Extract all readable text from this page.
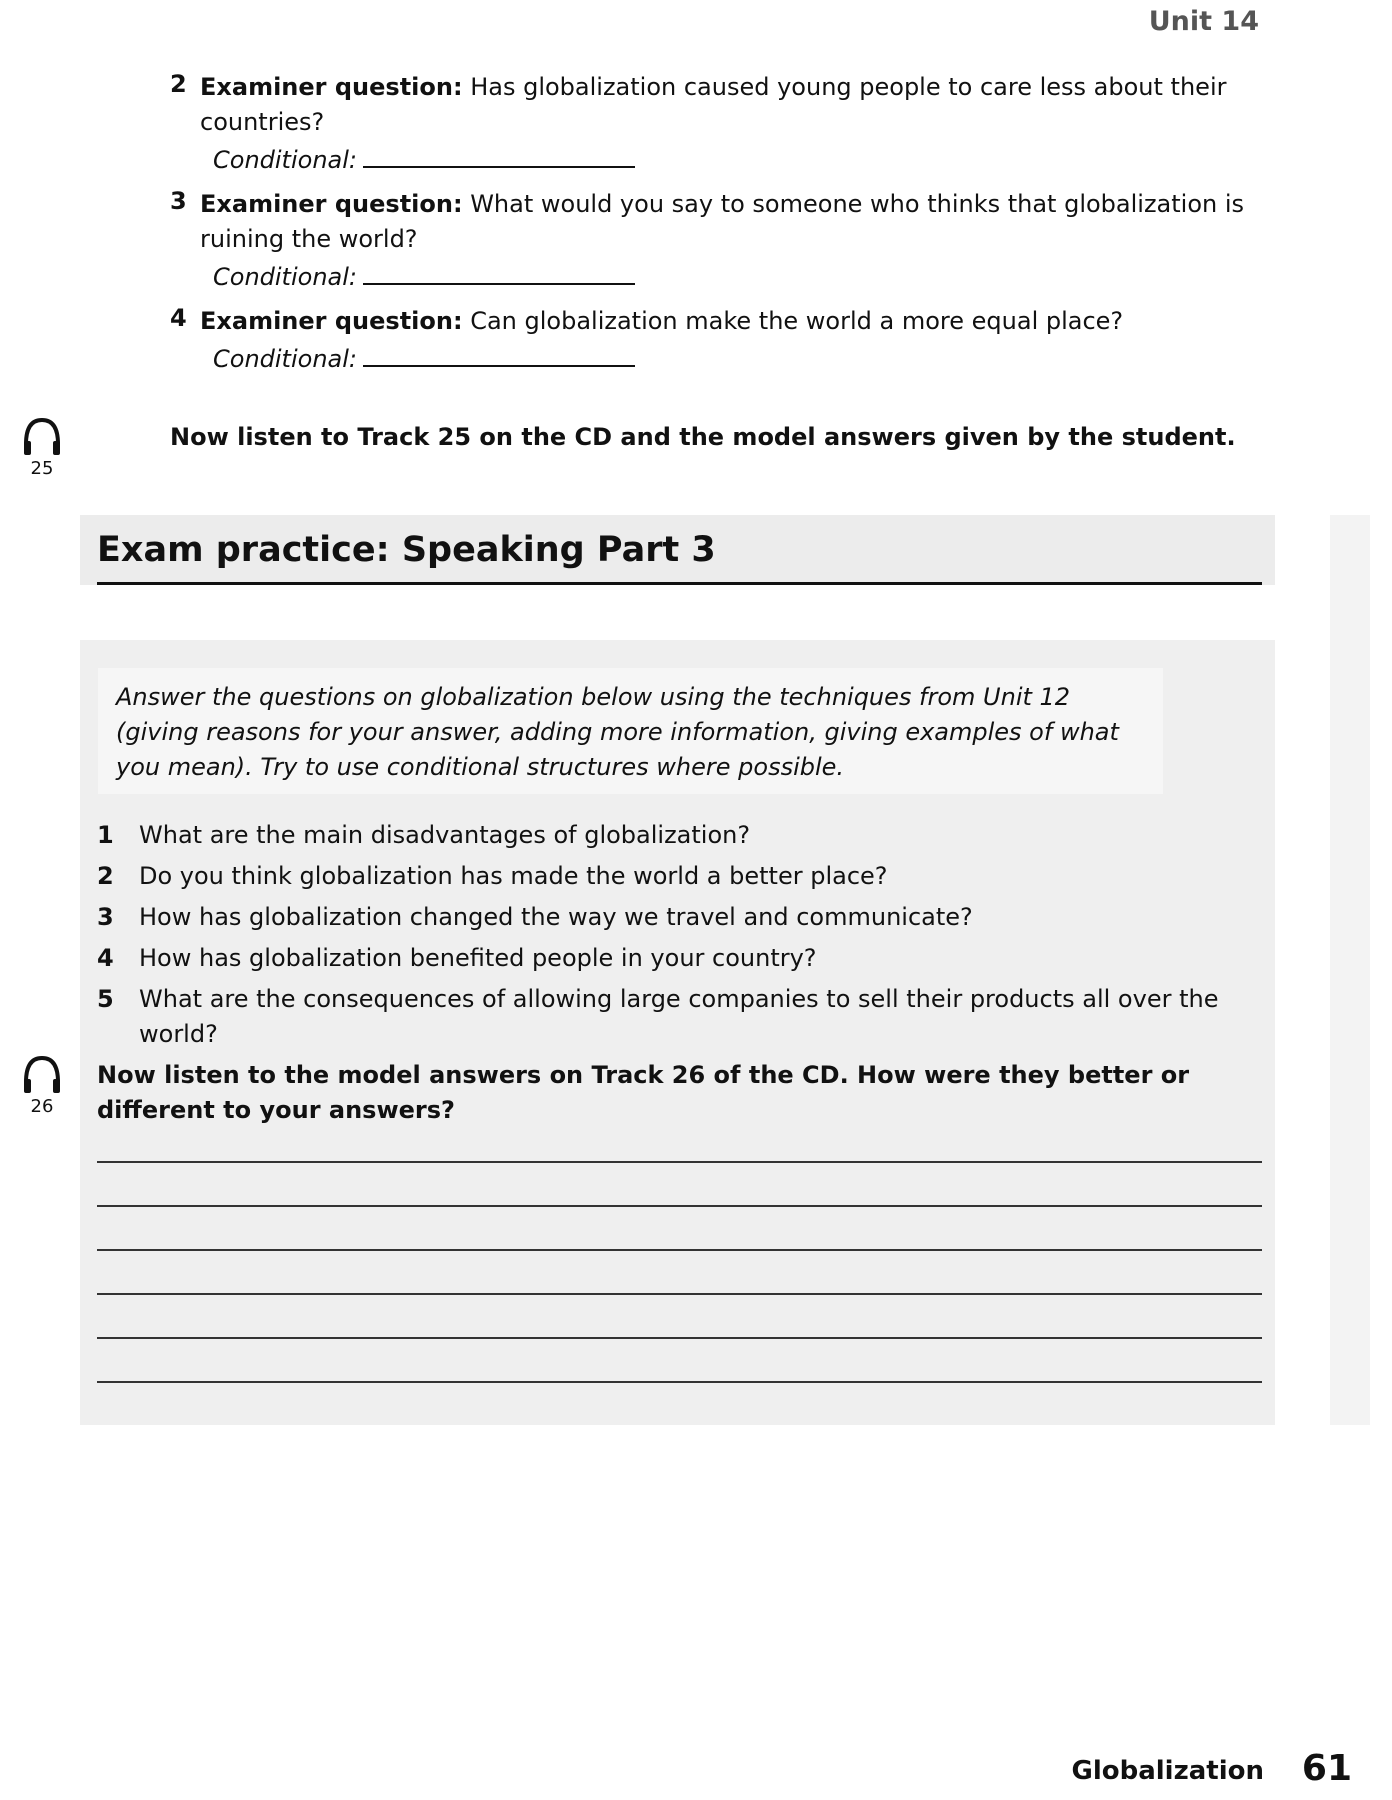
Unit 14
2 Examiner question: Has globalization caused young people to care less about their countries?
Conditional:
3 Examiner question: What would you say to someone who thinks that globalization is ruining the world?
Conditional:
4 Examiner question: Can globalization make the world a more equal place?
Conditional:
25
Now listen to Track 25 on the CD and the model answers given by the student.
Exam practice: Speaking Part 3
Answer the questions on globalization below using the techniques from Unit 12 (giving reasons for your answer, adding more information, giving examples of what you mean). Try to use conditional structures where possible.
1	What are the main disadvantages of globalization?
2	Do you think globalization has made the world a better place?
3	How has globalization changed the way we travel and communicate?
4	How has globalization benefited people in your country?
5	What are the consequences of allowing large companies to sell their products all over the world?
26
Now listen to the model answers on Track 26 of the CD. How were they better or different to your answers?
Globalization 61
